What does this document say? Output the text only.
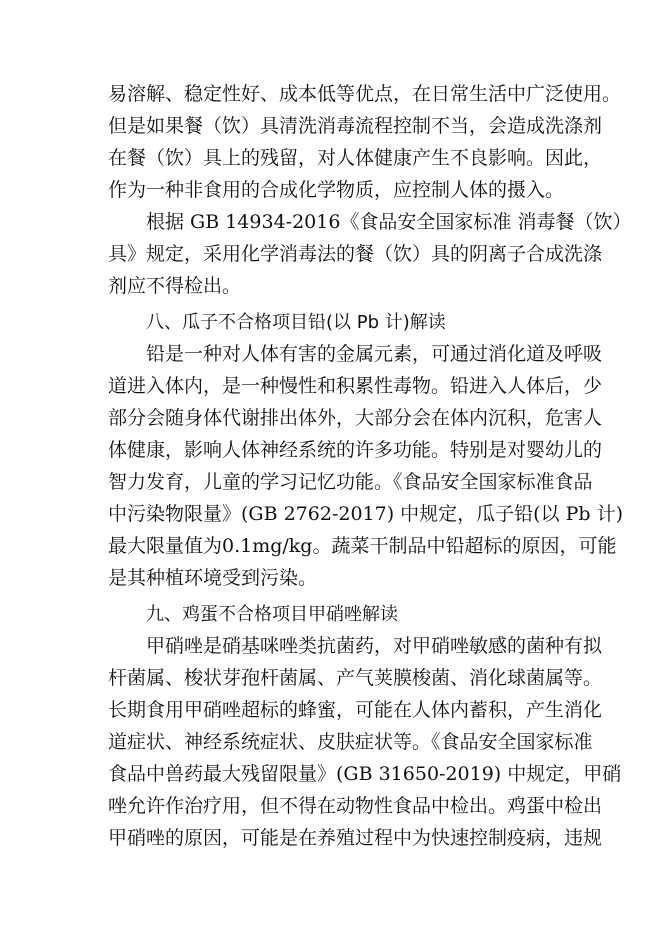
易溶解、稳定性好、成本低等优点，在日常生活中广泛使用。
但是如果餐（饮）具清洗消毒流程控制不当，会造成洗涤剂
在餐（饮）具上的残留，对人体健康产生不良影响。因此，
作为一种非食用的合成化学物质，应控制人体的摄入。
根据 GB 14934-2016《食品安全国家标准 消毒餐（饮）
具》规定，采用化学消毒法的餐（饮）具的阴离子合成洗涤
剂应不得检出。
八、瓜子不合格项目铅(以 Pb 计)解读
铅是一种对人体有害的金属元素，可通过消化道及呼吸
道进入体内，是一种慢性和积累性毒物。铅进入人体后，少
部分会随身体代谢排出体外，大部分会在体内沉积，危害人
体健康，影响人体神经系统的许多功能。特别是对婴幼儿的
智力发育，儿童的学习记忆功能。《食品安全国家标准食品
中污染物限量》(GB 2762-2017) 中规定，瓜子铅(以 Pb 计)
最大限量值为0.1mg/kg。蔬菜干制品中铅超标的原因，可能
是其种植环境受到污染。
九、鸡蛋不合格项目甲硝唑解读
甲硝唑是硝基咪唑类抗菌药，对甲硝唑敏感的菌种有拟
杆菌属、梭状芽孢杆菌属、产气荚膜梭菌、消化球菌属等。
长期食用甲硝唑超标的蜂蜜，可能在人体内蓄积，产生消化
道症状、神经系统症状、皮肤症状等。《食品安全国家标准
食品中兽药最大残留限量》(GB 31650-2019) 中规定，甲硝
唑允许作治疗用，但不得在动物性食品中检出。鸡蛋中检出
甲硝唑的原因，可能是在养殖过程中为快速控制疫病，违规
